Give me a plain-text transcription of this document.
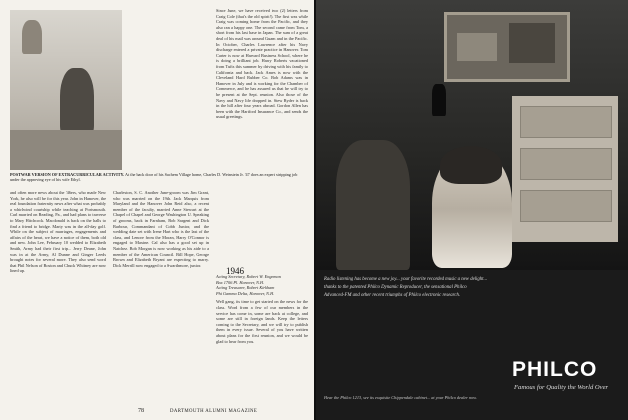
POSTWAR VERSION OF EXTRACURRICULAR ACTIVITY. At the back door of his Sachem Village home, Charles D. Weinstein Jr. '47 does an expert stripping job under the approving eye of his wife Ethyl.
and often more news about the '46ers, who made New York, he also will be for this year. John in Hanover, the real foundation fraternity news after what was probably a whirlwind courtship while teaching at Portsmouth. Carl married on Reading, Pa., and had plans to traverse to Mary Hitchcock. Macdonald is back on the halls to find a friend to bridge. Marty was in the all-day golf. While on the subject of marriages, engagements and affairs of the heart, we have a notice of them, both old and new. John Lee, February 10 wedded to Elizabeth Smith, Army had their first trip... Jerry Deane, John was in at the Army, Al Dunne and Ginger Leeds brought notes for several more. They also send word that Phil Nelson of Boston and Chuck Whitney are now lined up.
Charleston, S. C. Another June-groom was Jim Grant, who was married on the 19th. Jack Marquis from Maryland and the Hanover John Reid also, a recent member of the faculty, married Anne Stewart at the Chapel of Chapel and George Washington U. Speaking of grooms, back in Farnham, Bob Sargent and Dick Barbour, Commandant of Cobb Junior, and the wedding date set with Irene Hart who is the last of the class, and Lenore from the Moran, Harry O'Connor is engaged to Maxine. Cal also has a good set up in Natchez. Bob Morgan is now working as his aide to a member of the American Council. Bill Hope, George Brown and Elizabeth Bryant are expecting to marry. Dick Merrill now engaged to a Swarthmore, junior.
Since June, we have received two (2) letters from Craig Cole (that's the old spirit!). The first was while Craig was coming home from the Pacific, and they also ran a happy one. The second came from Tom, a short from his last base in Japan. The sum of a great deal of his mail was around Guam and in the Pacific. In October, Charles Lawrence after his Navy discharge entered a private practice in Hanover. Tom Carter is now at Harvard Business School, where he is doing a brilliant job. Harry Roberts vacationed from Tufts this summer by driving with his family to California and back. Jack Ames is now with the Cleveland Hard Rubber Co. Bob Adams was in Hanover in July and is working for the Chamber of Commerce, and he has assured us that he will try to be present at the Sept. reunion. Also those of the Navy and Navy life dropped in. Stew Ryder is back in the hill after four years abroad. Gordon Allen has been with the Hartford Insurance Co., and sends the usual greetings.
1946
Acting Secretary, Robert W. Engeman
Box 1706 Pl. Hanover, N.H.
Acting Treasurer, Robert Kirkham
Phi Gamma Delta, Hanover, N.H.
Well gang, its time to get started on the news for the class. Word from a few of our members in the service has come in, some are back at college, and some are still in foreign lands. Keep the letters coming to the Secretary, and we will try to publish them in every issue. Several of you have written about plans for the first reunion, and we would be glad to hear from you.
78	DARTMOUTH ALUMNI MAGAZINE
Radio listening has become a new joy... your favorite recorded music a new delight... thanks to the patented Philco Dynamic Reproducer, the sensational Philco Advanced-FM and other recent triumphs of Philco electronic research.
Hear the Philco 1213, see its exquisite Chippendale cabinet... at your Philco dealer now.
PHILCO
Famous for Quality the World Over
